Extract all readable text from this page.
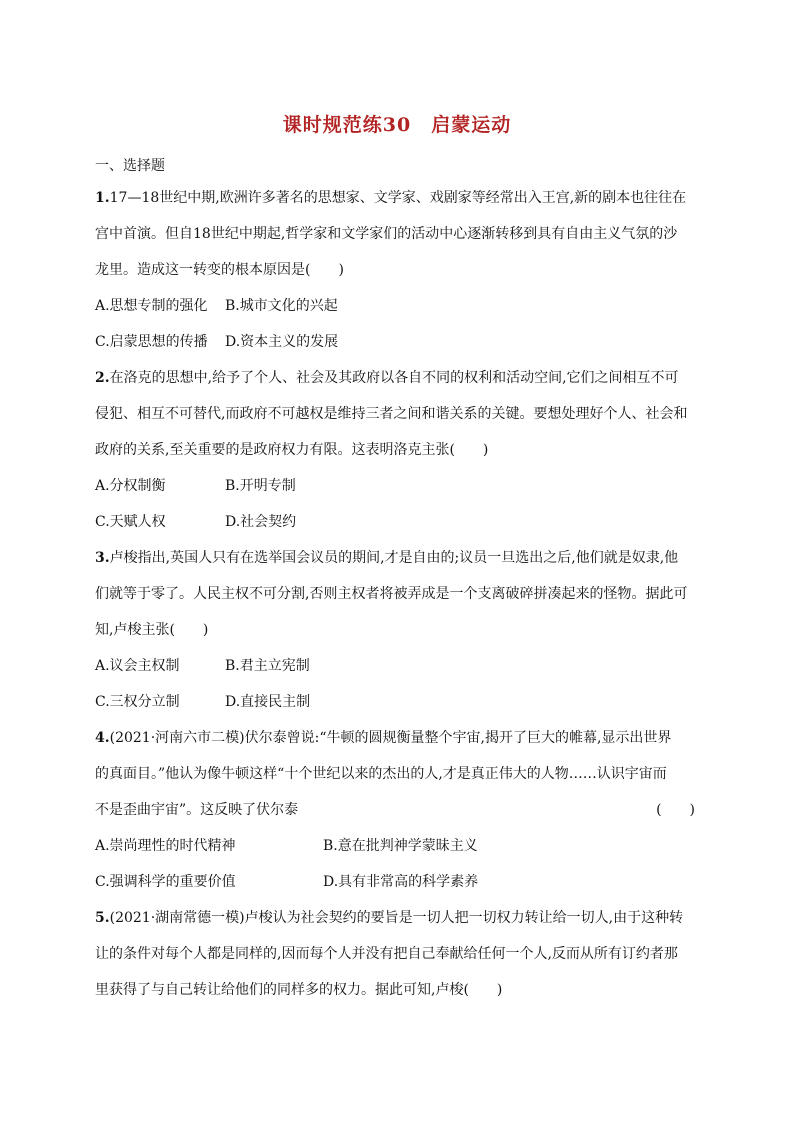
课时规范练30　启蒙运动
一、选择题
1.17—18世纪中期,欧洲许多著名的思想家、文学家、戏剧家等经常出入王宫,新的剧本也往往在
宫中首演。但自18世纪中期起,哲学家和文学家们的活动中心逐渐转移到具有自由主义气氛的沙
龙里。造成这一转变的根本原因是(　　)
A.思想专制的强化 B.城市文化的兴起
C.启蒙思想的传播 D.资本主义的发展
2.在洛克的思想中,给予了个人、社会及其政府以各自不同的权利和活动空间,它们之间相互不可
侵犯、相互不可替代,而政府不可越权是维持三者之间和谐关系的关键。要想处理好个人、社会和
政府的关系,至关重要的是政府权力有限。这表明洛克主张(　　)
A.分权制衡	B.开明专制
C.天赋人权	D.社会契约
3.卢梭指出,英国人只有在选举国会议员的期间,才是自由的;议员一旦选出之后,他们就是奴隶,他
们就等于零了。人民主权不可分割,否则主权者将被弄成是一个支离破碎拼凑起来的怪物。据此可
知,卢梭主张(　　)
A.议会主权制	B.君主立宪制
C.三权分立制	D.直接民主制
4.(2021·河南六市二模)伏尔泰曾说:“牛顿的圆规衡量整个宇宙,揭开了巨大的帷幕,显示出世界
的真面目。”他认为像牛顿这样“十个世纪以来的杰出的人,才是真正伟大的人物……认识宇宙而
不是歪曲宇宙”。这反映了伏尔泰	(　　)
A.崇尚理性的时代精神	B.意在批判神学蒙昧主义
C.强调科学的重要价值	D.具有非常高的科学素养
5.(2021·湖南常德一模)卢梭认为社会契约的要旨是一切人把一切权力转让给一切人,由于这种转
让的条件对每个人都是同样的,因而每个人并没有把自己奉献给任何一个人,反而从所有订约者那
里获得了与自己转让给他们的同样多的权力。据此可知,卢梭(　　)
